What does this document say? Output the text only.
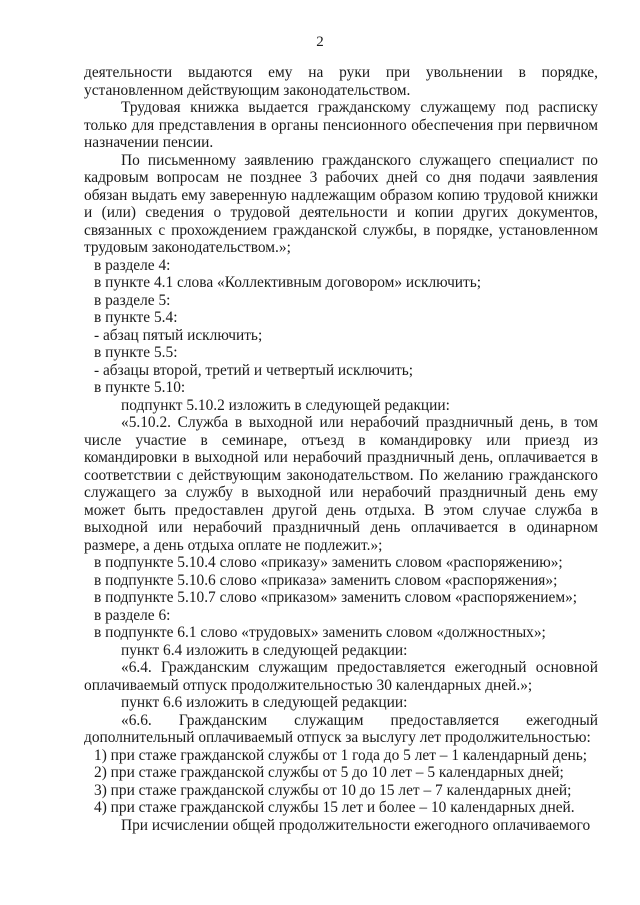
2

деятельности выдаются ему на руки при увольнении в порядке, установленном действующим законодательством.

Трудовая книжка выдается гражданскому служащему под расписку только для представления в органы пенсионного обеспечения при первичном назначении пенсии.

По письменному заявлению гражданского служащего специалист по кадровым вопросам не позднее 3 рабочих дней со дня подачи заявления обязан выдать ему заверенную надлежащим образом копию трудовой книжки и (или) сведения о трудовой деятельности и копии других документов, связанных с прохождением гражданской службы, в порядке, установленном трудовым законодательством.»;

в разделе 4:

в пункте 4.1 слова «Коллективным договором» исключить;

в разделе 5:

в пункте 5.4:

- абзац пятый исключить;

в пункте 5.5:

- абзацы второй, третий и четвертый исключить;

в пункте 5.10:

подпункт 5.10.2 изложить в следующей редакции:

«5.10.2. Служба в выходной или нерабочий праздничный день, в том числе участие в семинаре, отъезд в командировку или приезд из командировки в выходной или нерабочий праздничный день, оплачивается в соответствии с действующим законодательством. По желанию гражданского служащего за службу в выходной или нерабочий праздничный день ему может быть предоставлен другой день отдыха. В этом случае служба в выходной или нерабочий праздничный день оплачивается в одинарном размере, а день отдыха оплате не подлежит.»;

в подпункте 5.10.4 слово «приказу» заменить словом «распоряжению»;

в подпункте 5.10.6 слово «приказа» заменить словом «распоряжения»;

в подпункте 5.10.7 слово «приказом» заменить словом «распоряжением»;

в разделе 6:

в подпункте 6.1 слово «трудовых» заменить словом «должностных»;

пункт 6.4 изложить в следующей редакции:

«6.4. Гражданским служащим предоставляется ежегодный основной оплачиваемый отпуск продолжительностью 30 календарных дней.»;

пункт 6.6 изложить в следующей редакции:

«6.6. Гражданским служащим предоставляется ежегодный дополнительный оплачиваемый отпуск за выслугу лет продолжительностью:

1) при стаже гражданской службы от 1 года до 5 лет – 1 календарный день;

2) при стаже гражданской службы от 5 до 10 лет – 5 календарных дней;

3) при стаже гражданской службы от 10 до 15 лет – 7 календарных дней;

4) при стаже гражданской службы 15 лет и более – 10 календарных дней.

При исчислении общей продолжительности ежегодного оплачиваемого
